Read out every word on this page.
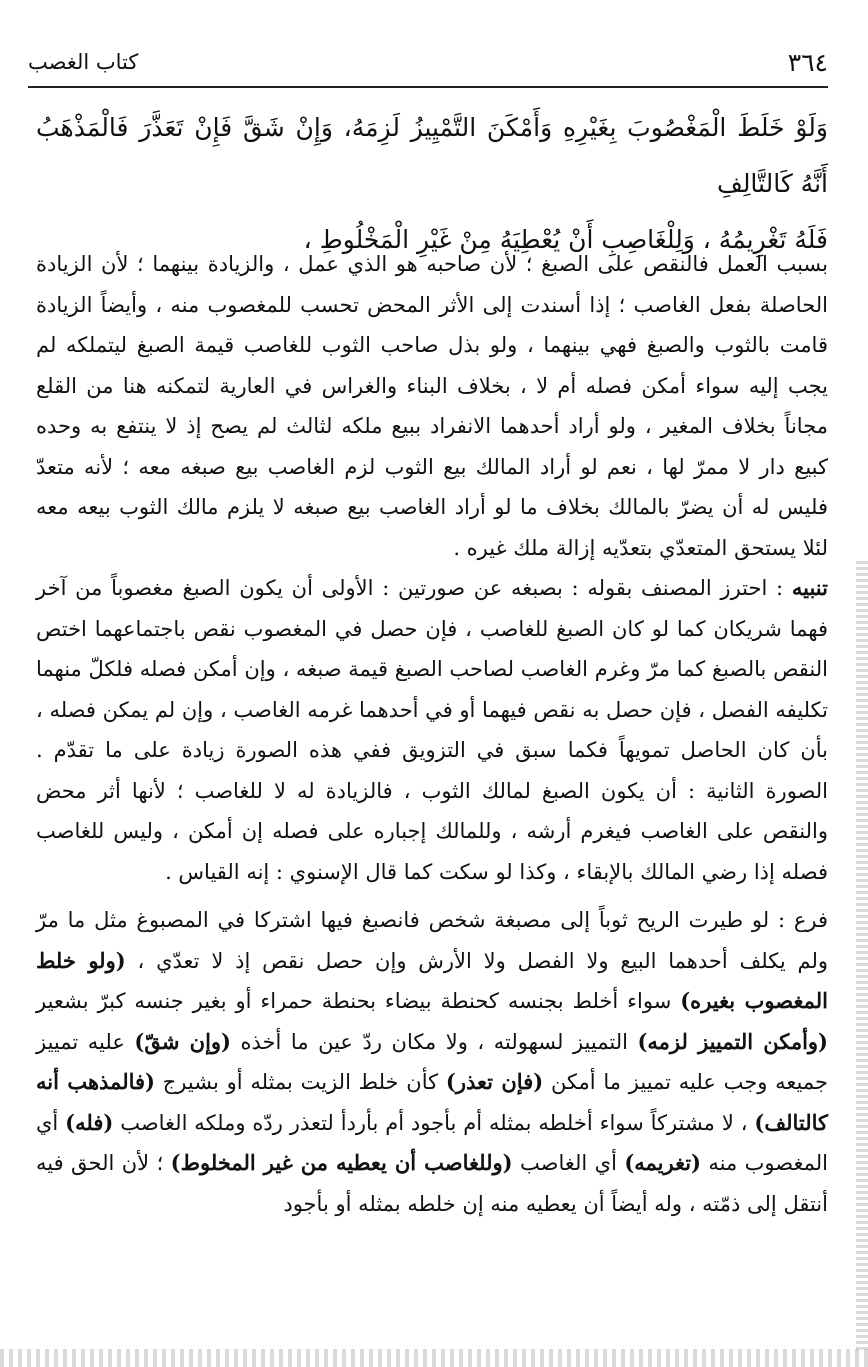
٣٦٤
كتاب الغصب

وَلَوْ خَلَطَ الْمَغْصُوبَ بِغَيْرِهِ وَأَمْكَنَ التَّمْيِيزُ لَزِمَهُ، وَإِنْ شَقَّ فَإِنْ تَعَذَّرَ فَالْمَذْهَبُ أَنَّهُ كَالتَّالِفِ

فَلَهُ تَغْرِيمُهُ ، وَلِلْغَاصِبِ أَنْ يُعْطِيَهُ مِنْ غَيْرِ الْمَخْلُوطِ ،

بسبب العمل فالنقص على الصبغ ؛ لأن صاحبه هو الذي عمل ، والزيادة بينهما ؛ لأن الزيادة الحاصلة بفعل الغاصب ؛ إذا أسندت إلى الأثر المحض تحسب للمغصوب منه ، وأيضاً الزيادة قامت بالثوب والصبغ فهي بينهما ، ولو بذل صاحب الثوب للغاصب قيمة الصبغ ليتملكه لم يجب إليه سواء أمكن فصله أم لا ، بخلاف البناء والغراس في العارية لتمكنه هنا من القلع مجاناً بخلاف المغير ، ولو أراد أحدهما الانفراد ببيع ملكه لثالث لم يصح إذ لا ينتفع به وحده كبيع دار لا ممرّ لها ، نعم لو أراد المالك بيع الثوب لزم الغاصب بيع صبغه معه ؛ لأنه متعدّ فليس له أن يضرّ بالمالك بخلاف ما لو أراد الغاصب بيع صبغه لا يلزم مالك الثوب بيعه معه لئلا يستحق المتعدّي بتعدّيه إزالة ملك غيره .

تنبيه : احترز المصنف بقوله : بصبغه عن صورتين : الأولى أن يكون الصبغ مغصوباً من آخر فهما شريكان كما لو كان الصبغ للغاصب ، فإن حصل في المغصوب نقص باجتماعهما اختص النقص بالصبغ كما مرّ وغرم الغاصب لصاحب الصبغ قيمة صبغه ، وإن أمكن فصله فلكلّ منهما تكليفه الفصل ، فإن حصل به نقص فيهما أو في أحدهما غرمه الغاصب ، وإن لم يمكن فصله ، بأن كان الحاصل تمويهاً فكما سبق في التزويق ففي هذه الصورة زيادة على ما تقدّم . الصورة الثانية : أن يكون الصبغ لمالك الثوب ، فالزيادة له لا للغاصب ؛ لأنها أثر محض والنقص على الغاصب فيغرم أرشه ، وللمالك إجباره على فصله إن أمكن ، وليس للغاصب فصله إذا رضي المالك بالإبقاء ، وكذا لو سكت كما قال الإسنوي : إنه القياس .

فرع : لو طيرت الريح ثوباً إلى مصبغة شخص فانصبغ فيها اشتركا في المصبوغ مثل ما مرّ ولم يكلف أحدهما البيع ولا الفصل ولا الأرش وإن حصل نقص إذ لا تعدّي ، (ولو خلط المغصوب بغيره) سواء أخلط بجنسه كحنطة بيضاء بحنطة حمراء أو بغير جنسه كبرّ بشعير (وأمكن التمييز لزمه) التمييز لسهولته ، ولا مكان ردّ عين ما أخذه (وإن شقّ) عليه تمييز جميعه وجب عليه تمييز ما أمكن (فإن تعذر) كأن خلط الزيت بمثله أو بشيرج (فالمذهب أنه كالتالف) ، لا مشتركاً سواء أخلطه بمثله أم بأجود أم بأردأ لتعذر ردّه وملكه الغاصب (فله) أي المغصوب منه (تغريمه) أي الغاصب (وللغاصب أن يعطيه من غير المخلوط) ؛ لأن الحق فيه أنتقل إلى ذمّته ، وله أيضاً أن يعطيه منه إن خلطه بمثله أو بأجود
